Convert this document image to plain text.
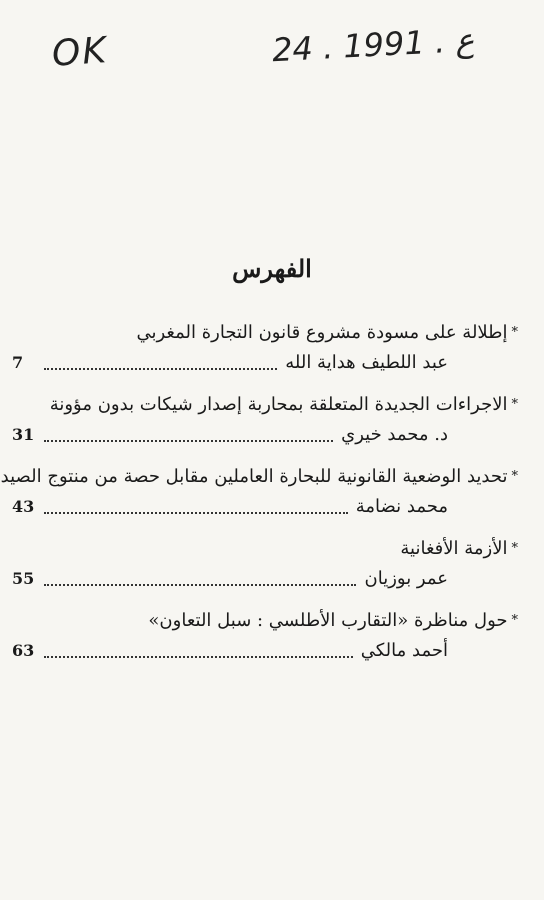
OK	24 . ع . 1991
الفهرس
*إطلالة على مسودة مشروع قانون التجارة المغربي
عبد اللطيف هداية الله
7
*الاجراءات الجديدة المتعلقة بمحاربة إصدار شيكات بدون مؤونة
د. محمد خيري
31
*تحديد الوضعية القانونية للبحارة العاملين مقابل حصة من منتوج الصيد
محمد نضامة
43
*الأزمة الأفغانية
عمر بوزيان
55
*حول مناظرة «التقارب الأطلسي : سبل التعاون»
أحمد مالكي
63
